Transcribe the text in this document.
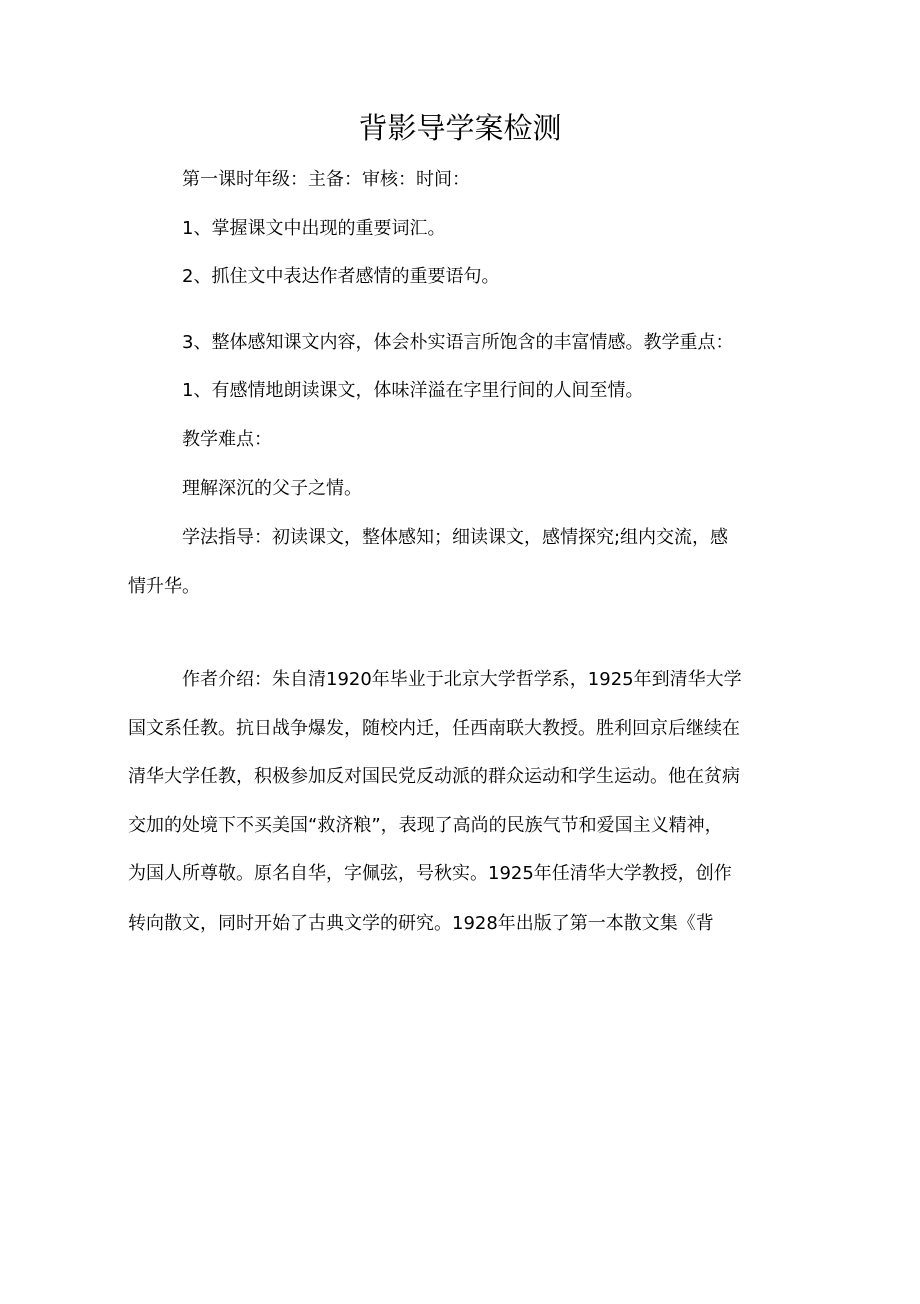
背影导学案检测
第一课时年级：主备：审核：时间：
1、掌握课文中出现的重要词汇。
2、抓住文中表达作者感情的重要语句。
3、整体感知课文内容，体会朴实语言所饱含的丰富情感。教学重点：
1、有感情地朗读课文，体味洋溢在字里行间的人间至情。
教学难点：
理解深沉的父子之情。
学法指导：初读课文，整体感知；细读课文，感情探究;组内交流，感
情升华。
作者介绍：朱自清1920年毕业于北京大学哲学系，1925年到清华大学
国文系任教。抗日战争爆发，随校内迁，任西南联大教授。胜利回京后继续在
清华大学任教，积极参加反对国民党反动派的群众运动和学生运动。他在贫病
交加的处境下不买美国“救济粮”，表现了高尚的民族气节和爱国主义精神，
为国人所尊敬。原名自华，字佩弦，号秋实。1925年任清华大学教授，创作
转向散文，同时开始了古典文学的研究。1928年出版了第一本散文集《背
